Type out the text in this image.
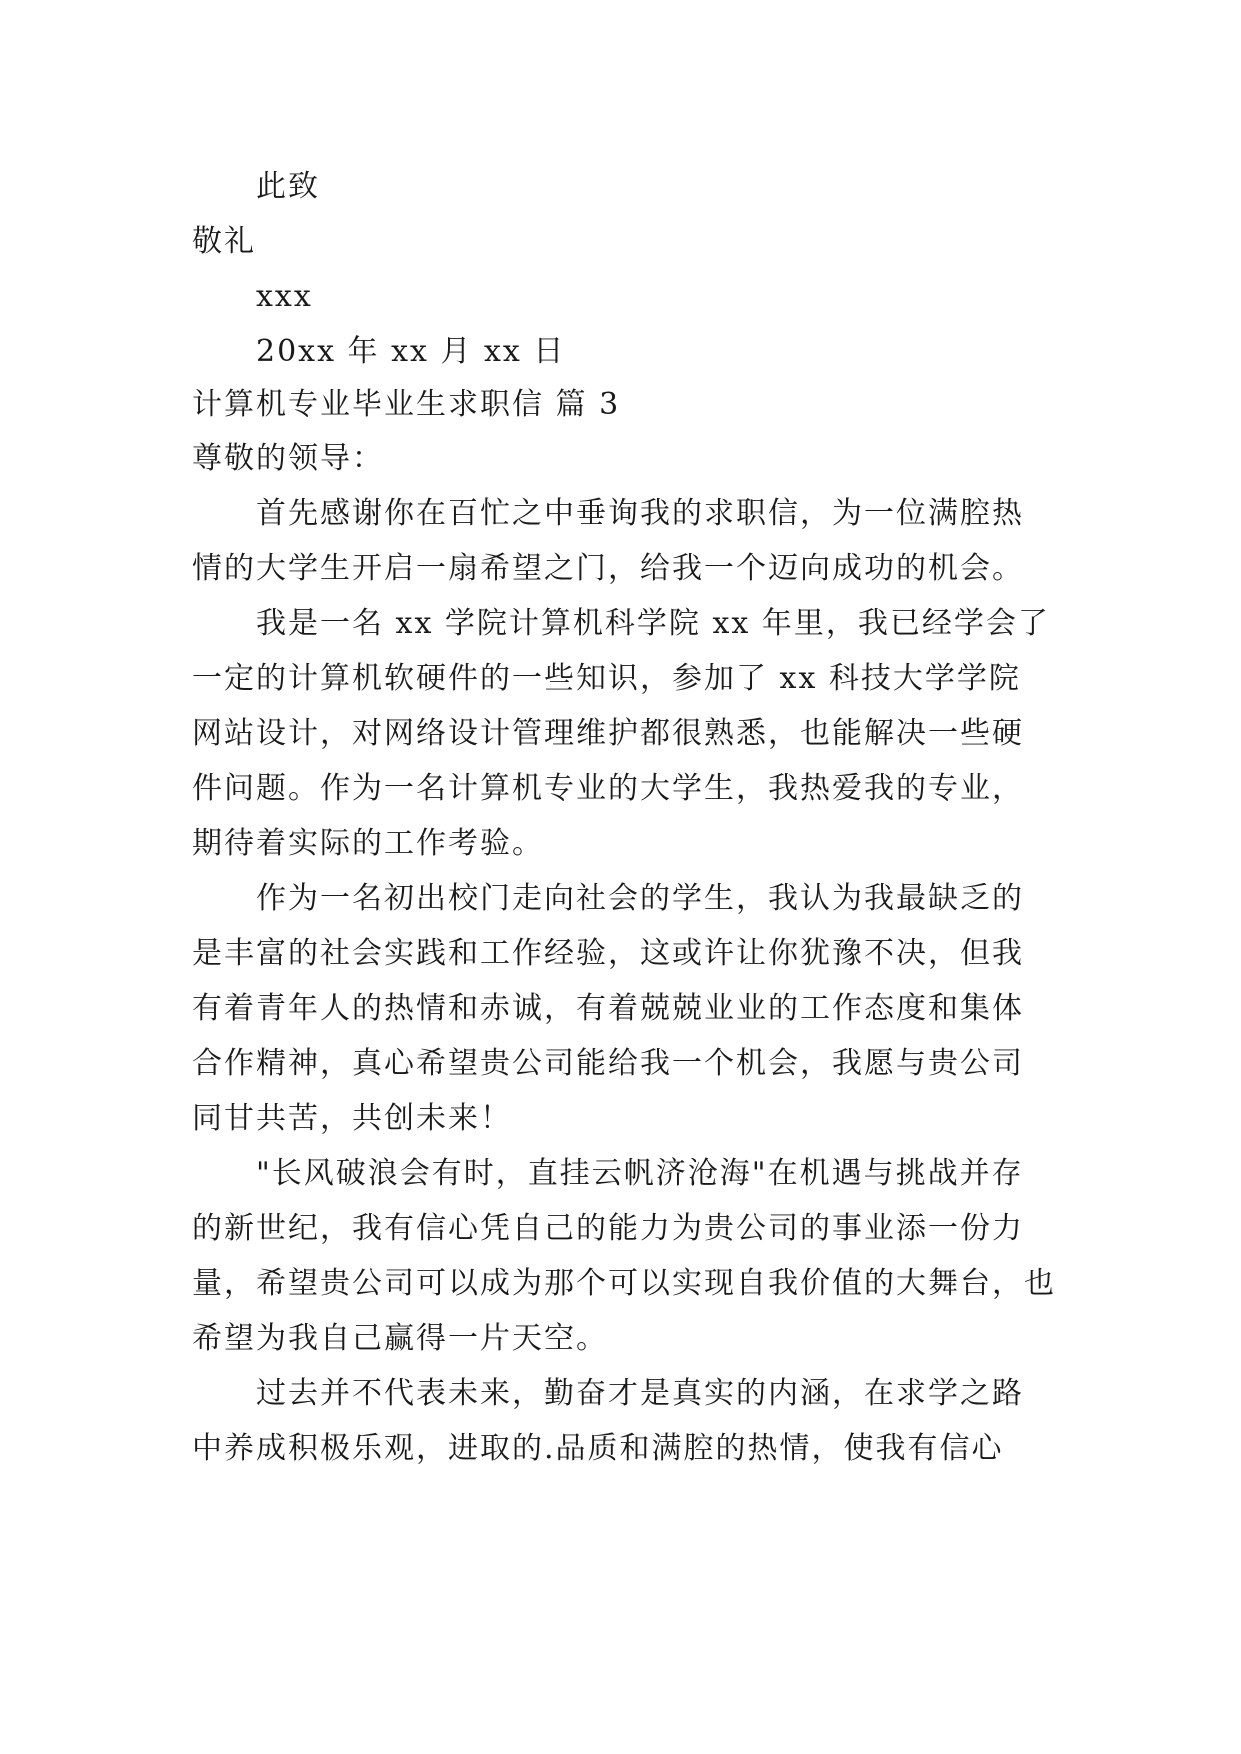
此致
敬礼
xxx
20xx 年 xx 月 xx 日
计算机专业毕业生求职信 篇 3
尊敬的领导：
首先感谢你在百忙之中垂询我的求职信，为一位满腔热
情的大学生开启一扇希望之门，给我一个迈向成功的机会。
我是一名 xx 学院计算机科学院 xx 年里，我已经学会了
一定的计算机软硬件的一些知识，参加了 xx 科技大学学院
网站设计，对网络设计管理维护都很熟悉，也能解决一些硬
件问题。作为一名计算机专业的大学生，我热爱我的专业，
期待着实际的工作考验。
作为一名初出校门走向社会的学生，我认为我最缺乏的
是丰富的社会实践和工作经验，这或许让你犹豫不决，但我
有着青年人的热情和赤诚，有着兢兢业业的工作态度和集体
合作精神，真心希望贵公司能给我一个机会，我愿与贵公司
同甘共苦，共创未来！
"长风破浪会有时，直挂云帆济沧海"在机遇与挑战并存
的新世纪，我有信心凭自己的能力为贵公司的事业添一份力
量，希望贵公司可以成为那个可以实现自我价值的大舞台，也
希望为我自己赢得一片天空。
过去并不代表未来，勤奋才是真实的内涵，在求学之路
中养成积极乐观，进取的.品质和满腔的热情，使我有信心
